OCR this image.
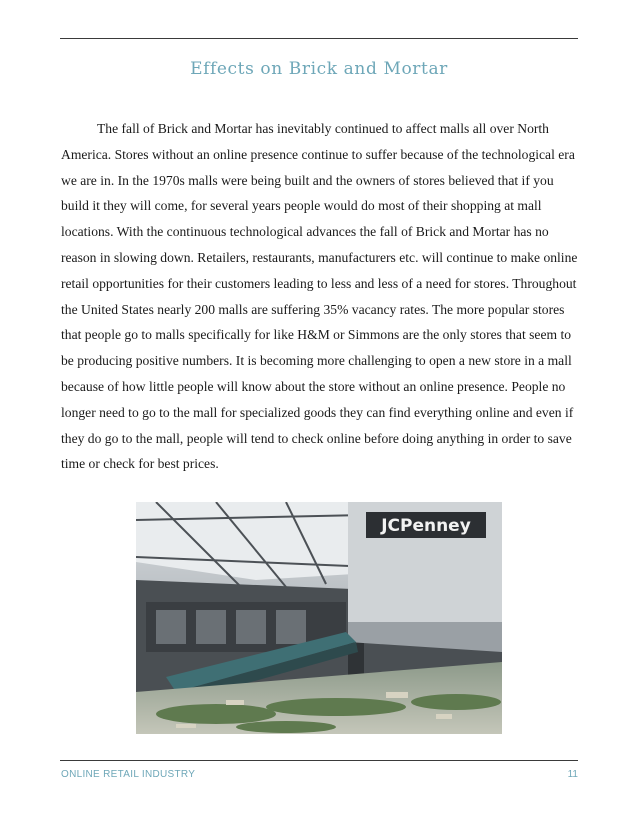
Effects on Brick and Mortar

The fall of Brick and Mortar has inevitably continued to affect malls all over North America. Stores without an online presence continue to suffer because of the technological era we are in. In the 1970s malls were being built and the owners of stores believed that if you build it they will come, for several years people would do most of their shopping at mall locations. With the continuous technological advances the fall of Brick and Mortar has no reason in slowing down. Retailers, restaurants, manufacturers etc. will continue to make online retail opportunities for their customers leading to less and less of a need for stores. Throughout the United States nearly 200 malls are suffering 35% vacancy rates. The more popular stores that people go to malls specifically for like H&M or Simmons are the only stores that seem to be producing positive numbers. It is becoming more challenging to open a new store in a mall because of how little people will know about the store without an online presence. People no longer need to go to the mall for specialized goods they can find everything online and even if they do go to the mall, people will tend to check online before doing anything in order to save time or check for best prices.

JCPenney
ONLINE RETAIL INDUSTRY	11
